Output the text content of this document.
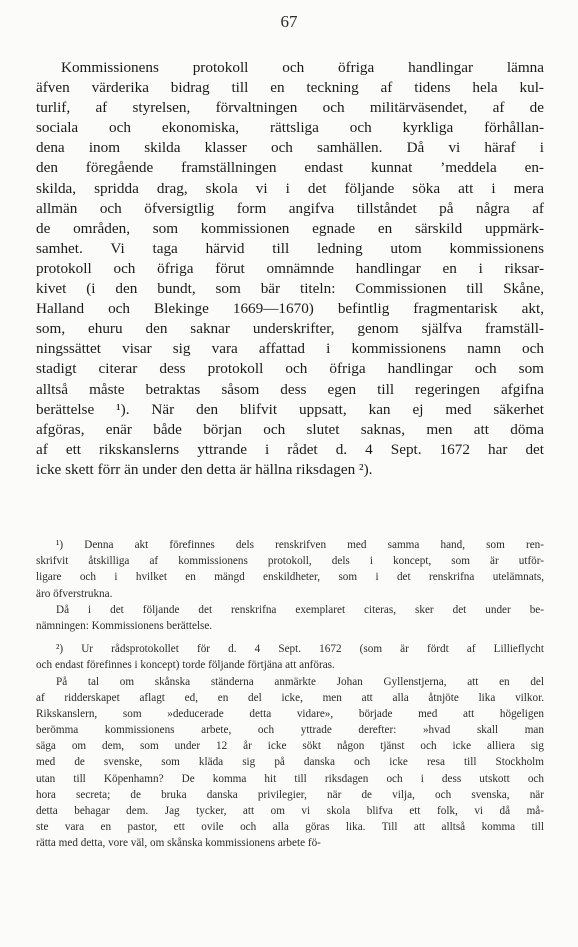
67
Kommissionens protokoll och öfriga handlingar lämna
äfven värderika bidrag till en teckning af tidens hela kul-
turlif, af styrelsen, förvaltningen och militärväsendet, af de
sociala och ekonomiska, rättsliga och kyrkliga förhållan-
dena inom skilda klasser och samhällen. Då vi häraf i
den föregående framställningen endast kunnat ’meddela en-
skilda, spridda drag, skola vi i det följande söka att i mera
allmän och öfversigtlig form angifva tillståndet på några af
de områden, som kommissionen egnade en särskild uppmärk-
samhet. Vi taga härvid till ledning utom kommissionens
protokoll och öfriga förut omnämnde handlingar en i riksar-
kivet (i den bundt, som bär titeln: Commissionen till Skåne,
Halland och Blekinge 1669—1670) befintlig fragmentarisk akt,
som, ehuru den saknar underskrifter, genom själfva framställ-
ningssättet visar sig vara affattad i kommissionens namn och
stadigt citerar dess protokoll och öfriga handlingar och som
alltså måste betraktas såsom dess egen till regeringen afgifna
berättelse ¹). När den blifvit uppsatt, kan ej med säkerhet
afgöras, enär både början och slutet saknas, men att döma
af ett rikskanslerns yttrande i rådet d. 4 Sept. 1672 har det
icke skett förr än under den detta är hällna riksdagen ²).
¹) Denna akt förefinnes dels renskrifven med samma hand, som ren-
skrifvit åtskilliga af kommissionens protokoll, dels i koncept, som är utför-
ligare och i hvilket en mängd enskildheter, som i det renskrifna utelämnats,
äro öfverstrukna.
Då i det följande det renskrifna exemplaret citeras, sker det under be-
nämningen: Kommissionens berättelse.
²) Ur rådsprotokollet för d. 4 Sept. 1672 (som är fördt af Lillieflycht
och endast förefinnes i koncept) torde följande förtjäna att anföras.
På tal om skånska ständerna anmärkte Johan Gyllenstjerna, att en del
af ridderskapet aflagt ed, en del icke, men att alla åtnjöte lika vilkor.
Rikskanslern, som »deducerade detta vidare», började med att högeligen
berömma kommissionens arbete, och yttrade derefter: »hvad skall man
säga om dem, som under 12 år icke sökt någon tjänst och icke alliera sig
med de svenske, som kläda sig på danska och icke resa till Stockholm
utan till Köpenhamn? De komma hit till riksdagen och i dess utskott och
hora secreta; de bruka danska privilegier, när de vilja, och svenska, när
detta behagar dem. Jag tycker, att om vi skola blifva ett folk, vi då må-
ste vara en pastor, ett ovile och alla göras lika. Till att alltså komma till
rätta med detta, vore väl, om skånska kommissionens arbete fö-
